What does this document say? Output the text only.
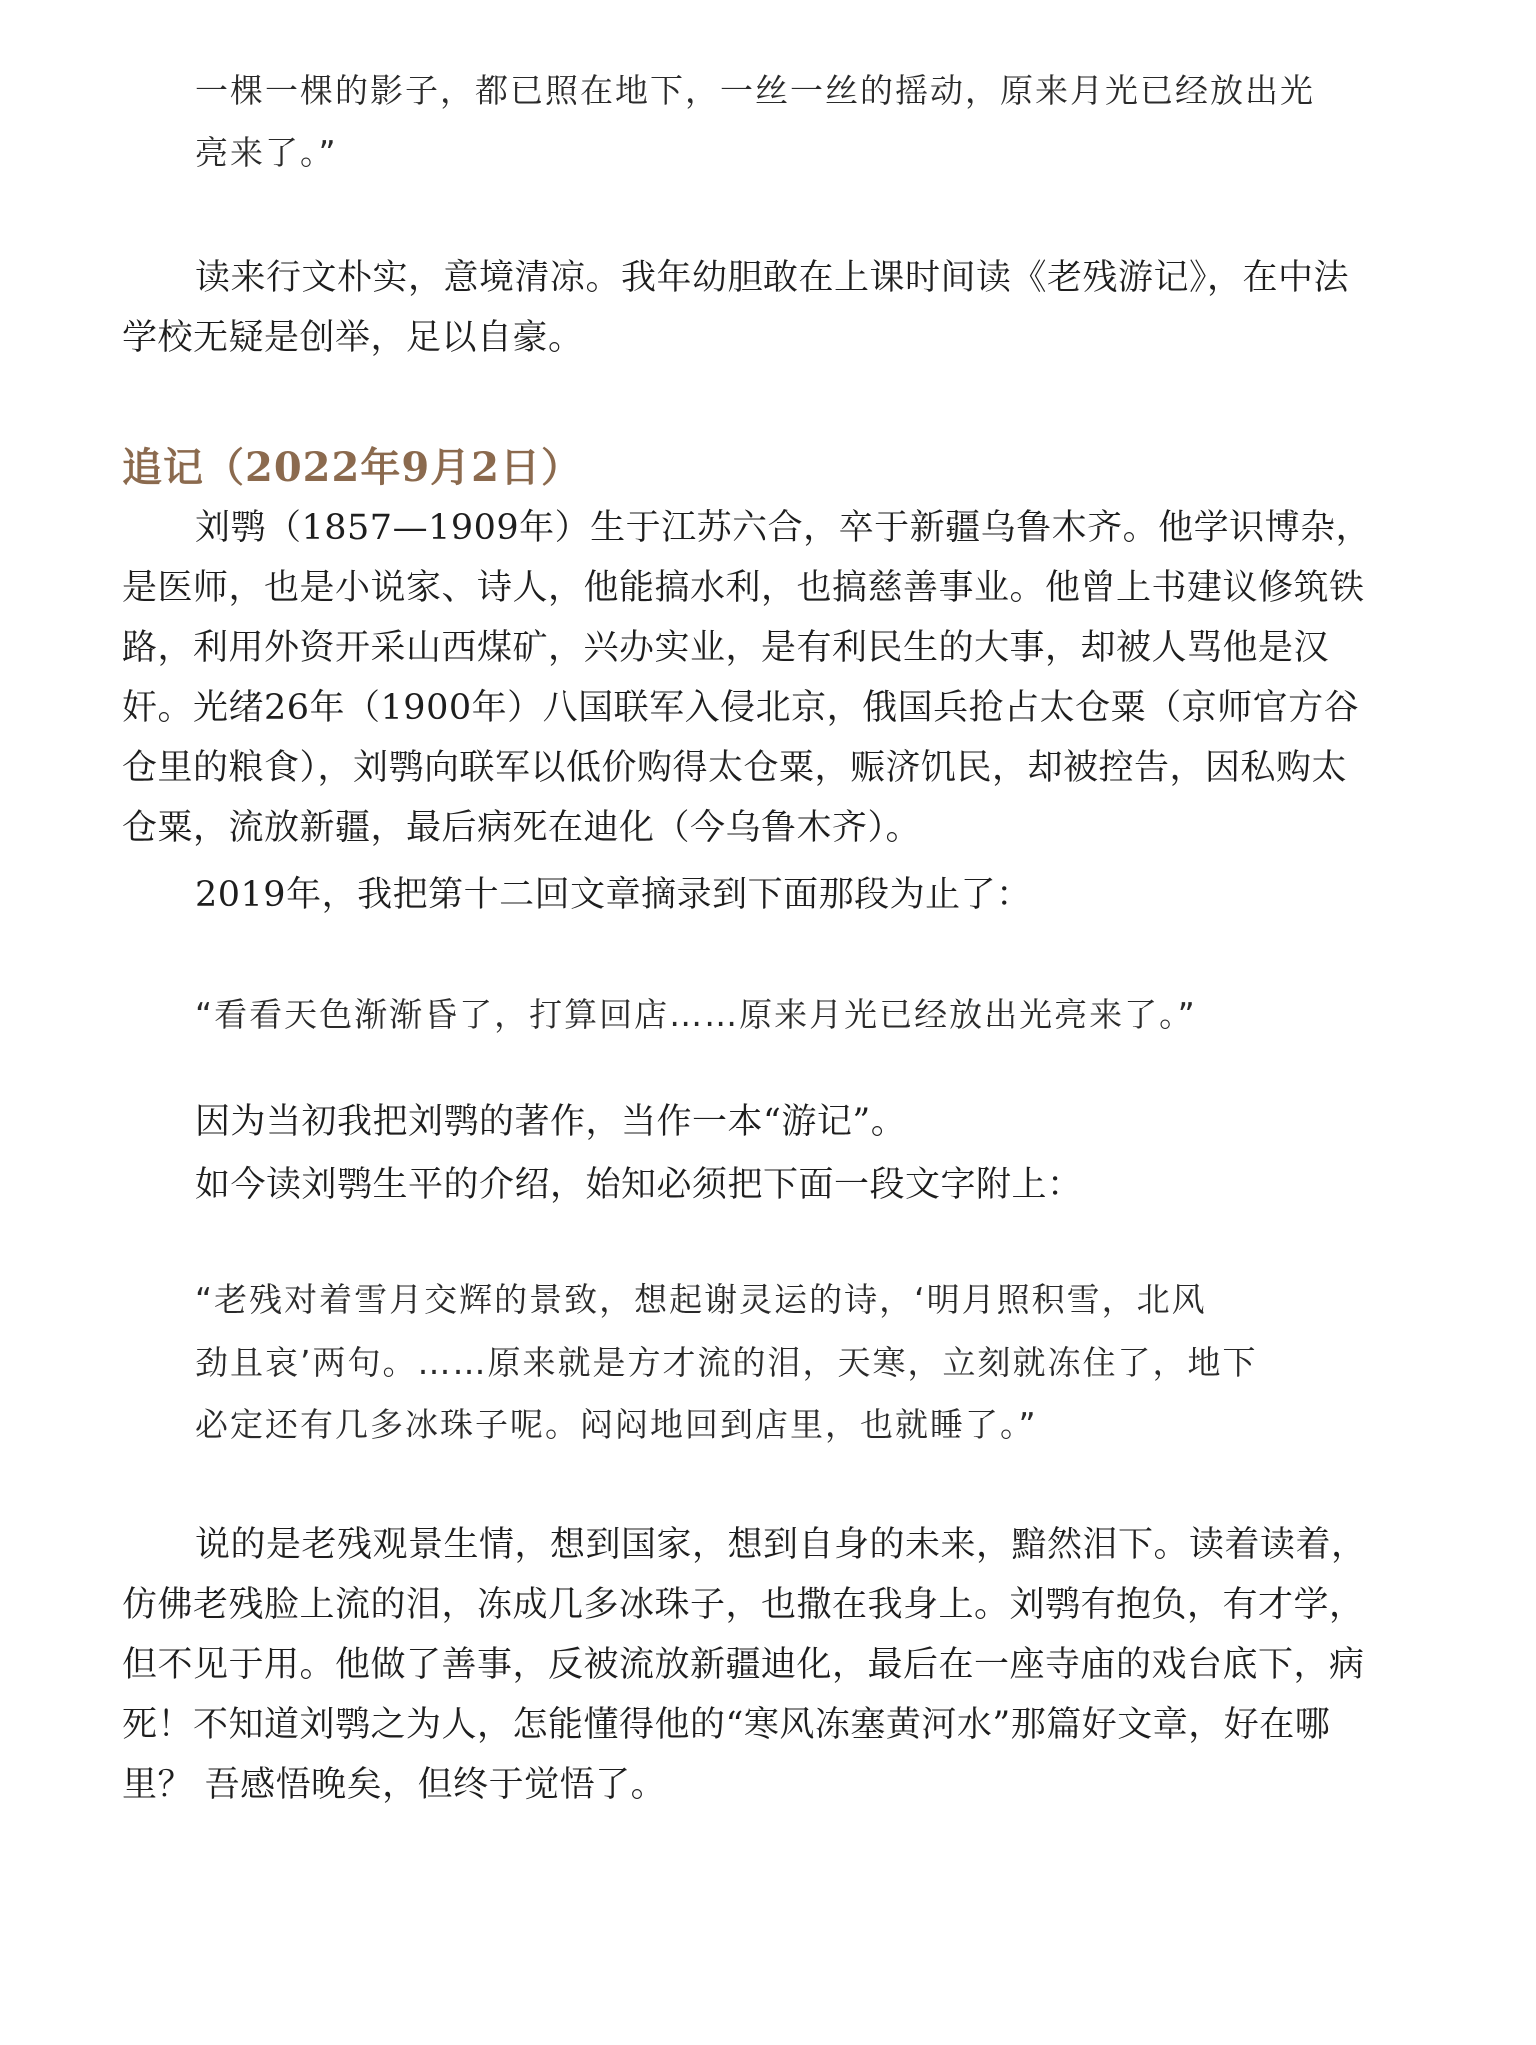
一棵一棵的影子，都已照在地下，一丝一丝的摇动，原来月光已经放出光
亮来了。”
读来行文朴实，意境清凉。我年幼胆敢在上课时间读《老残游记》，在中法
学校无疑是创举，足以自豪。
追记（2022年9月2日）
刘鹗（1857—1909年）生于江苏六合，卒于新疆乌鲁木齐。他学识博杂，
是医师，也是小说家、诗人，他能搞水利，也搞慈善事业。他曾上书建议修筑铁
路，利用外资开采山西煤矿，兴办实业，是有利民生的大事，却被人骂他是汉
奸。光绪26年（1900年）八国联军入侵北京，俄国兵抢占太仓粟（京师官方谷
仓里的粮食），刘鹗向联军以低价购得太仓粟，赈济饥民，却被控告，因私购太
仓粟，流放新疆，最后病死在迪化（今乌鲁木齐）。
2019年，我把第十二回文章摘录到下面那段为止了：
“看看天色渐渐昏了，打算回店……原来月光已经放出光亮来了。”
因为当初我把刘鹗的著作，当作一本“游记”。
如今读刘鹗生平的介绍，始知必须把下面一段文字附上：
“老残对着雪月交辉的景致，想起谢灵运的诗，‘明月照积雪，北风
劲且哀’两句。……原来就是方才流的泪，天寒，立刻就冻住了，地下
必定还有几多冰珠子呢。闷闷地回到店里，也就睡了。”
说的是老残观景生情，想到国家，想到自身的未来，黯然泪下。读着读着，
仿佛老残脸上流的泪，冻成几多冰珠子，也撒在我身上。刘鹗有抱负，有才学，
但不见于用。他做了善事，反被流放新疆迪化，最后在一座寺庙的戏台底下，病
死！不知道刘鹗之为人，怎能懂得他的“寒风冻塞黄河水”那篇好文章，好在哪
里？ 吾感悟晚矣，但终于觉悟了。
